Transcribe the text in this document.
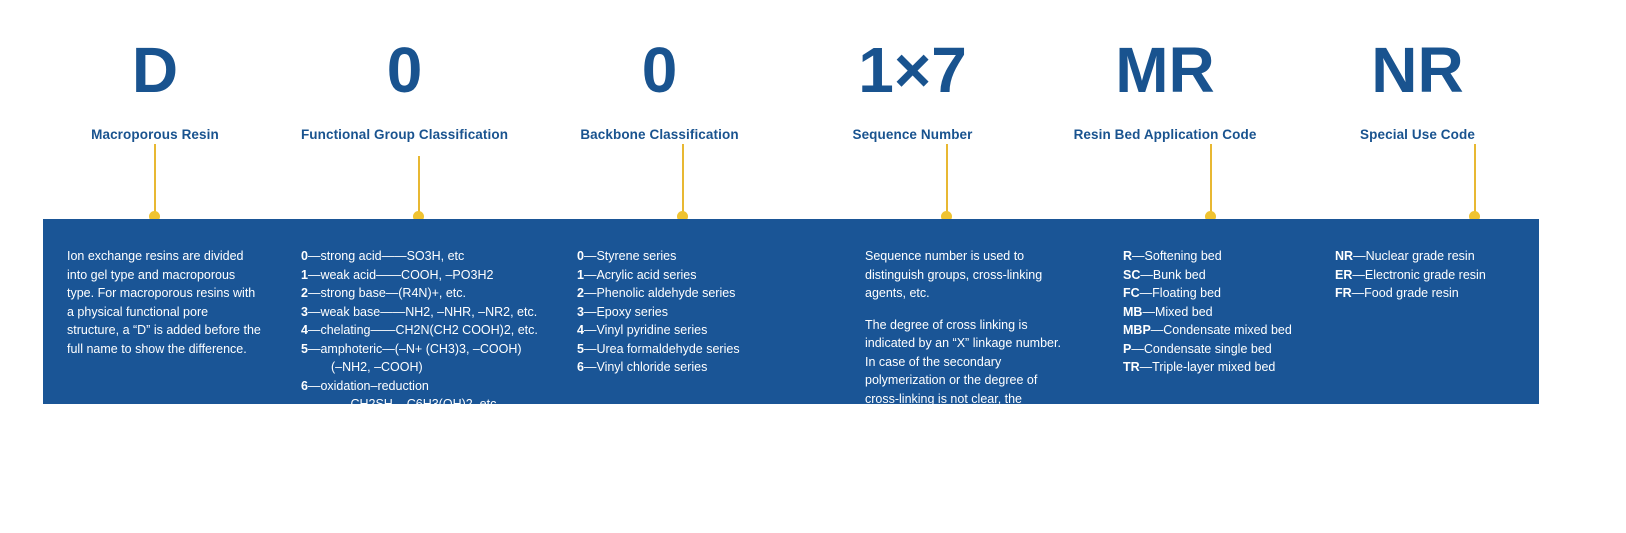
D
Macroporous Resin
0
Functional Group Classification
0
Backbone Classification
1×7
Sequence Number
MR
Resin Bed Application Code
NR
Special Use Code

Ion exchange resins are divided into gel type and macroporous type. For macroporous resins with a physical functional pore structure, a “D” is added before the full name to show the difference.

0—strong acid——SO3H, etc

1—weak acid——COOH, –PO3H2

2—strong base—(R4N)+, etc.

3—weak base——NH2, –NHR, –NR2, etc.

4—chelating——CH2N(CH2 COOH)2, etc.

5—amphoteric—(–N+ (CH3)3, –COOH)

(–NH2, –COOH)

6—oxidation–reduction

—–CH2SH, –C6H3(OH)2, etc.

0—Styrene series

1—Acrylic acid series

2—Phenolic aldehyde series

3—Epoxy series

4—Vinyl pyridine series

5—Urea formaldehyde series

6—Vinyl chloride series

Sequence number is used to distinguish groups, cross-linking agents, etc.

The degree of cross linking is indicated by an “X” linkage number. In case of the secondary polymerization or the degree of cross-linking is not clear, the approximate value can be used or neglected.

R—Softening bed

SC—Bunk bed

FC—Floating bed

MB—Mixed bed

MBP—Condensate mixed bed

P—Condensate single bed

TR—Triple-layer mixed bed

NR—Nuclear grade resin

ER—Electronic grade resin

FR—Food grade resin
